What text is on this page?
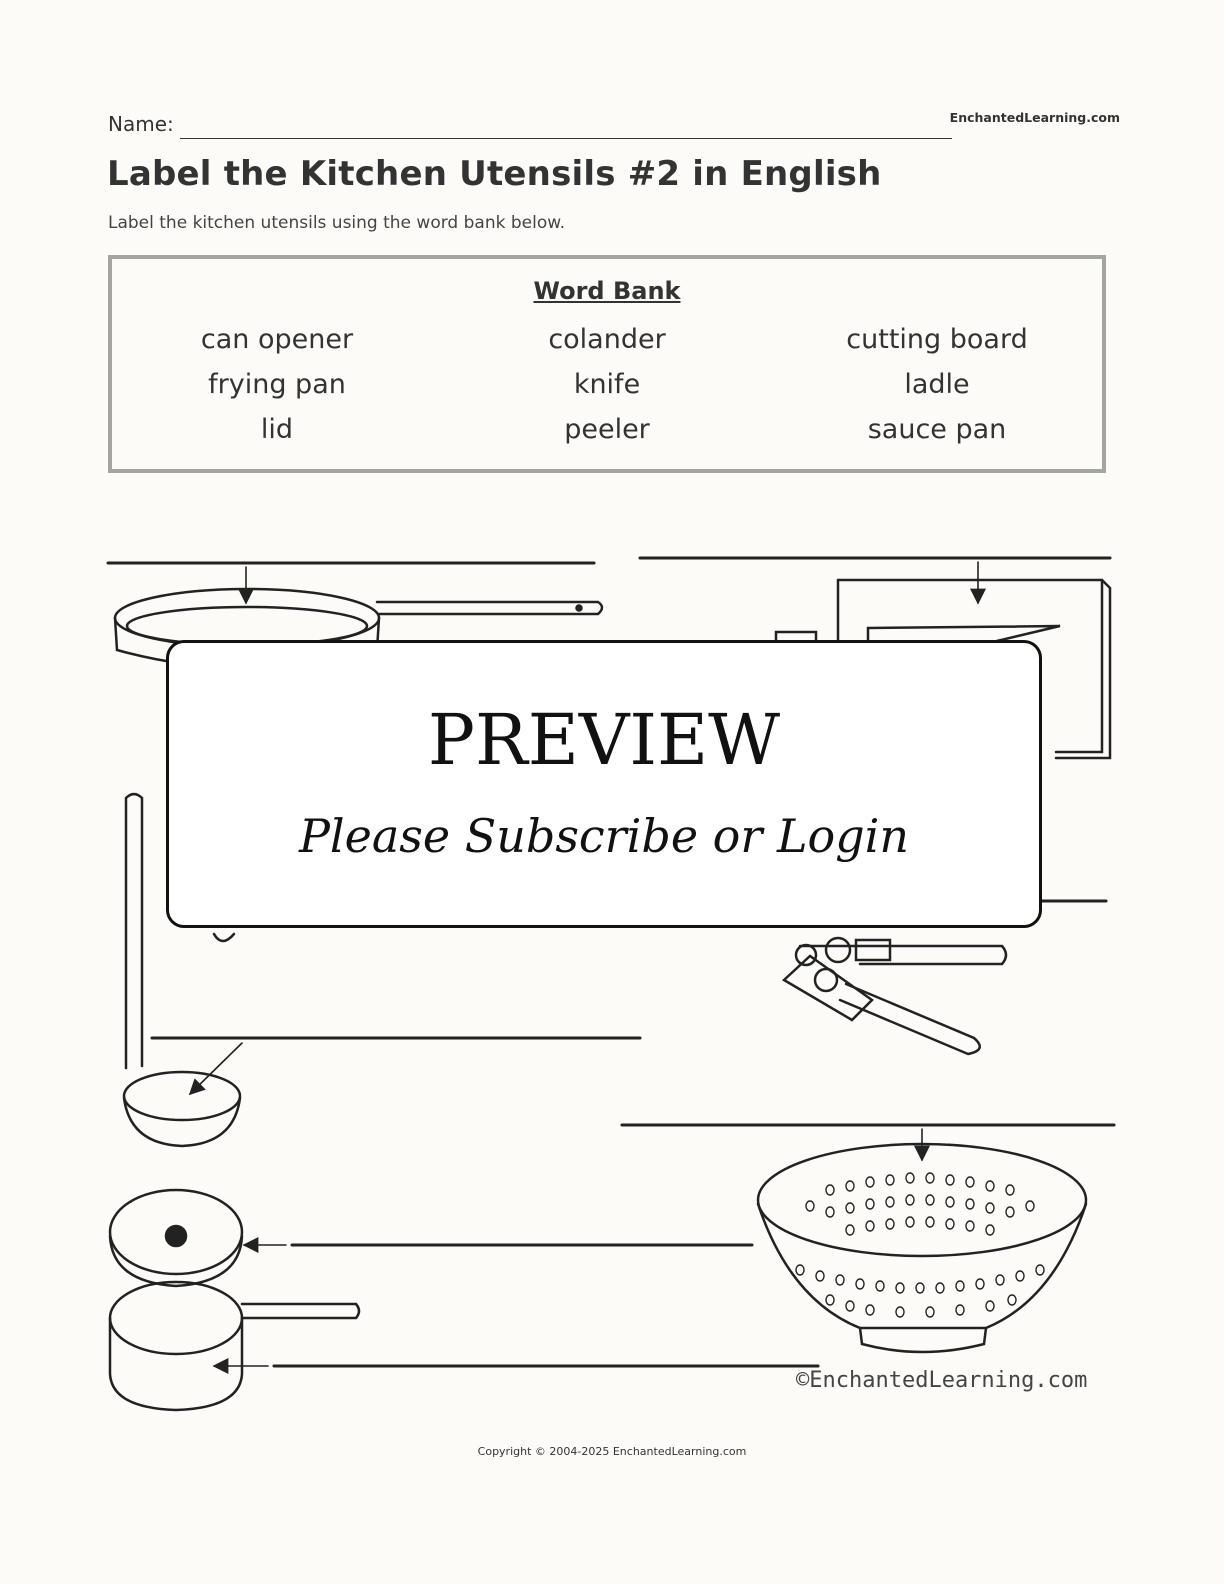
Name:	EnchantedLearning.com
Label the Kitchen Utensils #2 in English
Label the kitchen utensils using the word bank below.
Word Bank
can opener	colander	cutting board
frying pan	knife	ladle
lid	peeler	sauce pan
PREVIEW
Please Subscribe or Login
©EnchantedLearning.com
Copyright © 2004-2025 EnchantedLearning.com
